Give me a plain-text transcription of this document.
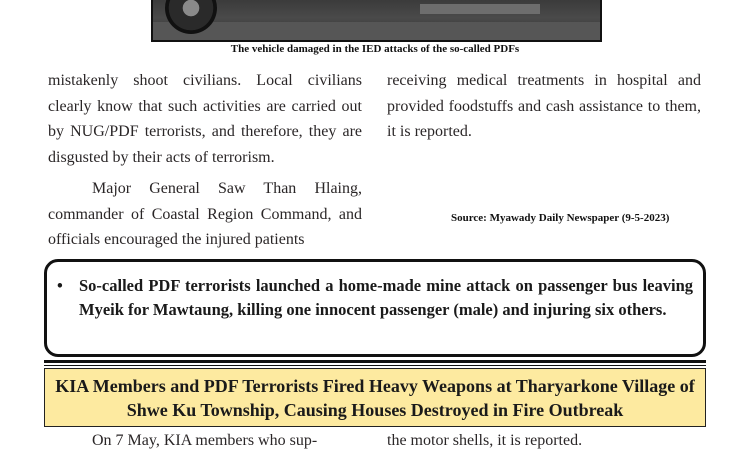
The vehicle damaged in the IED attacks of the so-called PDFs

mistakenly shoot civilians. Local civilians clearly know that such activities are carried out by NUG/PDF terrorists, and therefore, they are disgusted by their acts of terrorism.

Major General Saw Than Hlaing, commander of Coastal Region Command, and officials encouraged the injured patients

receiving medical treatments in hospital and provided foodstuffs and cash assistance to them, it is reported.

Source: Myawady Daily Newspaper (9-5-2023)
• So-called PDF terrorists launched a home-made mine attack on passenger bus leaving Myeik for Mawtaung, killing one innocent passenger (male) and injuring six others.
KIA Members and PDF Terrorists Fired Heavy Weapons at Tharyarkone Village of Shwe Ku Township, Causing Houses Destroyed in Fire Outbreak
On 7 May, KIA members who sup-	the motor shells, it is reported.
